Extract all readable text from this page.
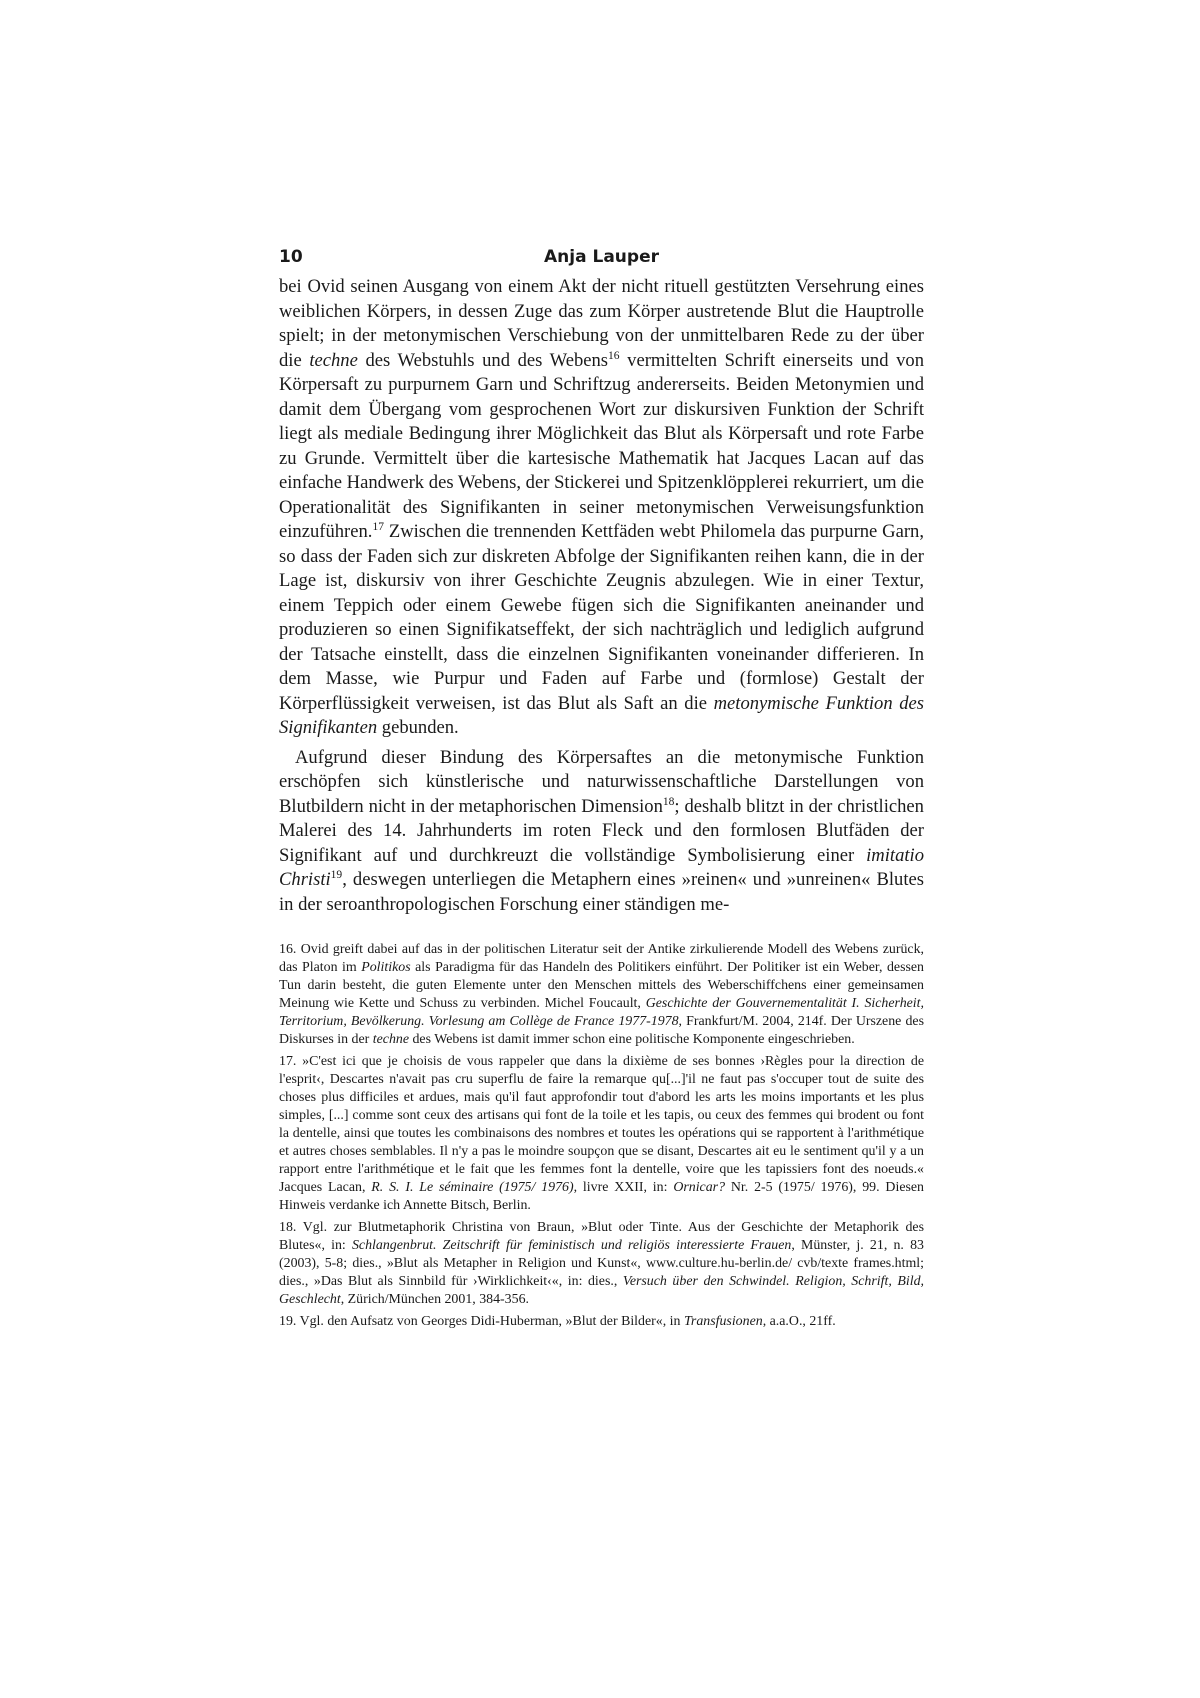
10	Anja Lauper

bei Ovid seinen Ausgang von einem Akt der nicht rituell gestützten Versehrung eines weiblichen Körpers, in dessen Zuge das zum Körper austretende Blut die Hauptrolle spielt; in der metonymischen Verschiebung von der unmittelbaren Rede zu der über die techne des Webstuhls und des Webens$^{16}$ vermittelten Schrift einerseits und von Körpersaft zu purpurnem Garn und Schriftzug andererseits. Beiden Metonymien und damit dem Übergang vom gesprochenen Wort zur diskursiven Funktion der Schrift liegt als mediale Bedingung ihrer Möglichkeit das Blut als Körpersaft und rote Farbe zu Grunde. Vermittelt über die kartesische Mathematik hat Jacques Lacan auf das einfache Handwerk des Webens, der Stickerei und Spitzenklöpplerei rekurriert, um die Operationalität des Signifikanten in seiner metonymischen Verweisungsfunktion einzuführen.$^{17}$ Zwischen die trennenden Kettfäden webt Philomela das purpurne Garn, so dass der Faden sich zur diskreten Abfolge der Signifikanten reihen kann, die in der Lage ist, diskursiv von ihrer Geschichte Zeugnis abzulegen. Wie in einer Textur, einem Teppich oder einem Gewebe fügen sich die Signifikanten aneinander und produzieren so einen Signifikatseffekt, der sich nachträglich und lediglich aufgrund der Tatsache einstellt, dass die einzelnen Signifikanten voneinander differieren. In dem Masse, wie Purpur und Faden auf Farbe und (formlose) Gestalt der Körperflüssigkeit verweisen, ist das Blut als Saft an die metonymische Funktion des Signifikanten gebunden.

Aufgrund dieser Bindung des Körpersaftes an die metonymische Funktion erschöpfen sich künstlerische und naturwissenschaftliche Darstellungen von Blutbildern nicht in der metaphorischen Dimension$^{18}$; deshalb blitzt in der christlichen Malerei des 14. Jahrhunderts im roten Fleck und den formlosen Blutfäden der Signifikant auf und durchkreuzt die vollständige Symbolisierung einer imitatio Christi$^{19}$, deswegen unterliegen die Metaphern eines »reinen« und »unreinen« Blutes in der seroanthropologischen Forschung einer ständigen me-

16. Ovid greift dabei auf das in der politischen Literatur seit der Antike zirkulierende Modell des Webens zurück, das Platon im Politikos als Paradigma für das Handeln des Politikers einführt. Der Politiker ist ein Weber, dessen Tun darin besteht, die guten Elemente unter den Menschen mittels des Weberschiffchens einer gemeinsamen Meinung wie Kette und Schuss zu verbinden. Michel Foucault, Geschichte der Gouvernementalität I. Sicherheit, Territorium, Bevölkerung. Vorlesung am Collège de France 1977-1978, Frankfurt/M. 2004, 214f. Der Urszene des Diskurses in der techne des Webens ist damit immer schon eine politische Komponente eingeschrieben.

17. »C'est ici que je choisis de vous rappeler que dans la dixième de ses bonnes ›Règles pour la direction de l'esprit‹, Descartes n'avait pas cru superflu de faire la remarque qu[...]'il ne faut pas s'occuper tout de suite des choses plus difficiles et ardues, mais qu'il faut approfondir tout d'abord les arts les moins importants et les plus simples, [...] comme sont ceux des artisans qui font de la toile et les tapis, ou ceux des femmes qui brodent ou font la dentelle, ainsi que toutes les combinaisons des nombres et toutes les opérations qui se rapportent à l'arithmétique et autres choses semblables. Il n'y a pas le moindre soupçon que se disant, Descartes ait eu le sentiment qu'il y a un rapport entre l'arithmétique et le fait que les femmes font la dentelle, voire que les tapissiers font des noeuds.« Jacques Lacan, R. S. I. Le séminaire (1975/ 1976), livre XXII, in: Ornicar? Nr. 2-5 (1975/ 1976), 99. Diesen Hinweis verdanke ich Annette Bitsch, Berlin.

18. Vgl. zur Blutmetaphorik Christina von Braun, »Blut oder Tinte. Aus der Geschichte der Metaphorik des Blutes«, in: Schlangenbrut. Zeitschrift für feministisch und religiös interessierte Frauen, Münster, j. 21, n. 83 (2003), 5-8; dies., »Blut als Metapher in Religion und Kunst«, www.culture.hu-berlin.de/ cvb/texte frames.html; dies., »Das Blut als Sinnbild für ›Wirklichkeit‹«, in: dies., Versuch über den Schwindel. Religion, Schrift, Bild, Geschlecht, Zürich/München 2001, 384-356.

19. Vgl. den Aufsatz von Georges Didi-Huberman, »Blut der Bilder«, in Transfusionen, a.a.O., 21ff.
